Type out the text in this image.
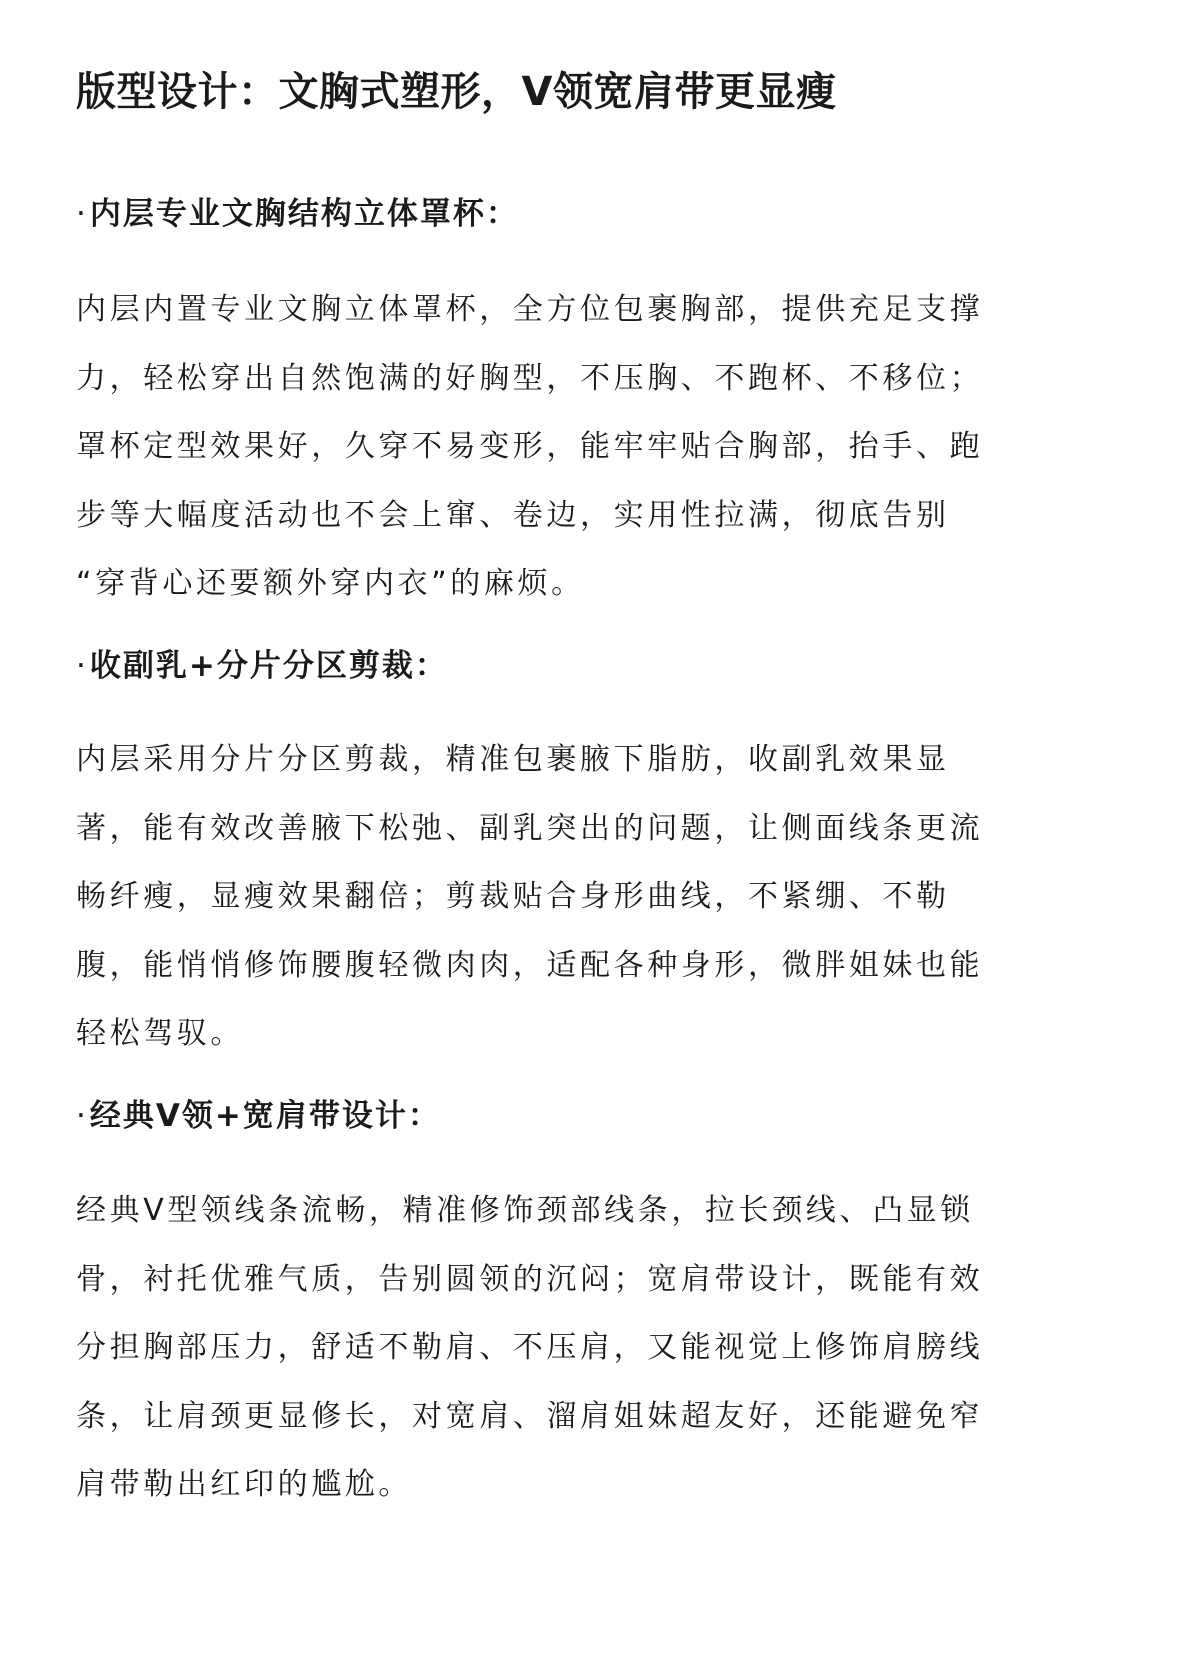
版型设计：文胸式塑形，V领宽肩带更显瘦
·内层专业文胸结构立体罩杯：
内层内置专业文胸立体罩杯，全方位包裹胸部，提供充足支撑
力，轻松穿出自然饱满的好胸型，不压胸、不跑杯、不移位；
罩杯定型效果好，久穿不易变形，能牢牢贴合胸部，抬手、跑
步等大幅度活动也不会上窜、卷边，实用性拉满，彻底告别
“穿背心还要额外穿内衣”的麻烦。
·收副乳+分片分区剪裁：
内层采用分片分区剪裁，精准包裹腋下脂肪，收副乳效果显
著，能有效改善腋下松弛、副乳突出的问题，让侧面线条更流
畅纤瘦，显瘦效果翻倍；剪裁贴合身形曲线，不紧绷、不勒
腹，能悄悄修饰腰腹轻微肉肉，适配各种身形，微胖姐妹也能
轻松驾驭。
·经典V领+宽肩带设计：
经典V型领线条流畅，精准修饰颈部线条，拉长颈线、凸显锁
骨，衬托优雅气质，告别圆领的沉闷；宽肩带设计，既能有效
分担胸部压力，舒适不勒肩、不压肩，又能视觉上修饰肩膀线
条，让肩颈更显修长，对宽肩、溜肩姐妹超友好，还能避免窄
肩带勒出红印的尴尬。
